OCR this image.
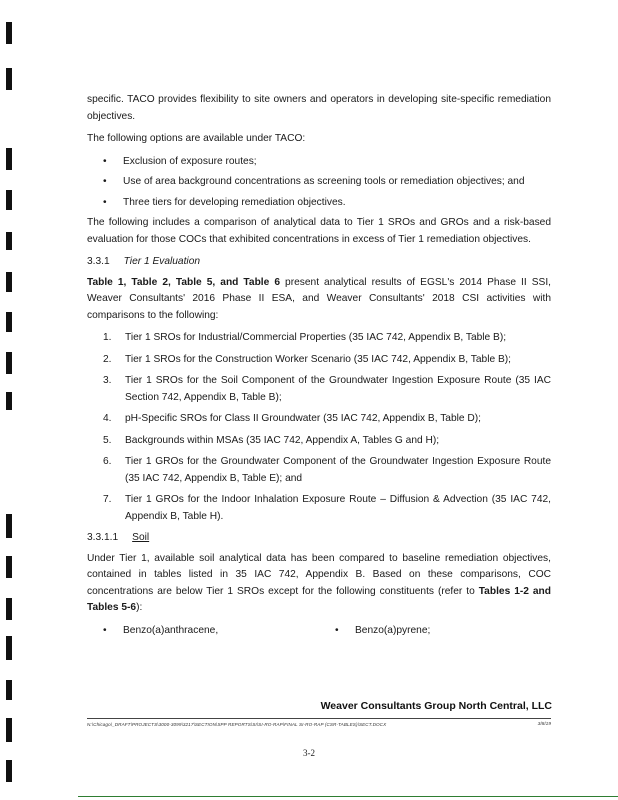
specific. TACO provides flexibility to site owners and operators in developing site-specific remediation objectives.

The following options are available under TACO:

• Exclusion of exposure routes;
• Use of area background concentrations as screening tools or remediation objectives; and
• Three tiers for developing remediation objectives.

The following includes a comparison of analytical data to Tier 1 SROs and GROs and a risk-based evaluation for those COCs that exhibited concentrations in excess of Tier 1 remediation objectives.

3.3.1 Tier 1 Evaluation

Table 1, Table 2, Table 5, and Table 6 present analytical results of EGSL's 2014 Phase II SSI, Weaver Consultants' 2016 Phase II ESA, and Weaver Consultants' 2018 CSI activities with comparisons to the following:

1. Tier 1 SROs for Industrial/Commercial Properties (35 IAC 742, Appendix B, Table B);
2. Tier 1 SROs for the Construction Worker Scenario (35 IAC 742, Appendix B, Table B);
3. Tier 1 SROs for the Soil Component of the Groundwater Ingestion Exposure Route (35 IAC Section 742, Appendix B, Table B);
4. pH-Specific SROs for Class II Groundwater (35 IAC 742, Appendix B, Table D);
5. Backgrounds within MSAs (35 IAC 742, Appendix A, Tables G and H);
6. Tier 1 GROs for the Groundwater Component of the Groundwater Ingestion Exposure Route (35 IAC 742, Appendix B, Table E); and
7. Tier 1 GROs for the Indoor Inhalation Exposure Route – Diffusion & Advection (35 IAC 742, Appendix B, Table H).
3.3.1.1 Soil

Under Tier 1, available soil analytical data has been compared to baseline remediation objectives, contained in tables listed in 35 IAC 742, Appendix B. Based on these comparisons, COC concentrations are below Tier 1 SROs except for the following constituents (refer to Tables 1-2 and Tables 5-6):

• Benzo(a)anthracene,
•	Benzo(a)pyrene;
Weaver Consultants Group North Central, LLC
N:\Chicago\_DRAFT\PROJECTS\3000-3099\3217\SECTION\SPP REPORTS\SI\SI-RO-RAP\FINAL SI-RO-RAP (CSR-TABLES)\SECT.DOCX	3/8/19
3-2
